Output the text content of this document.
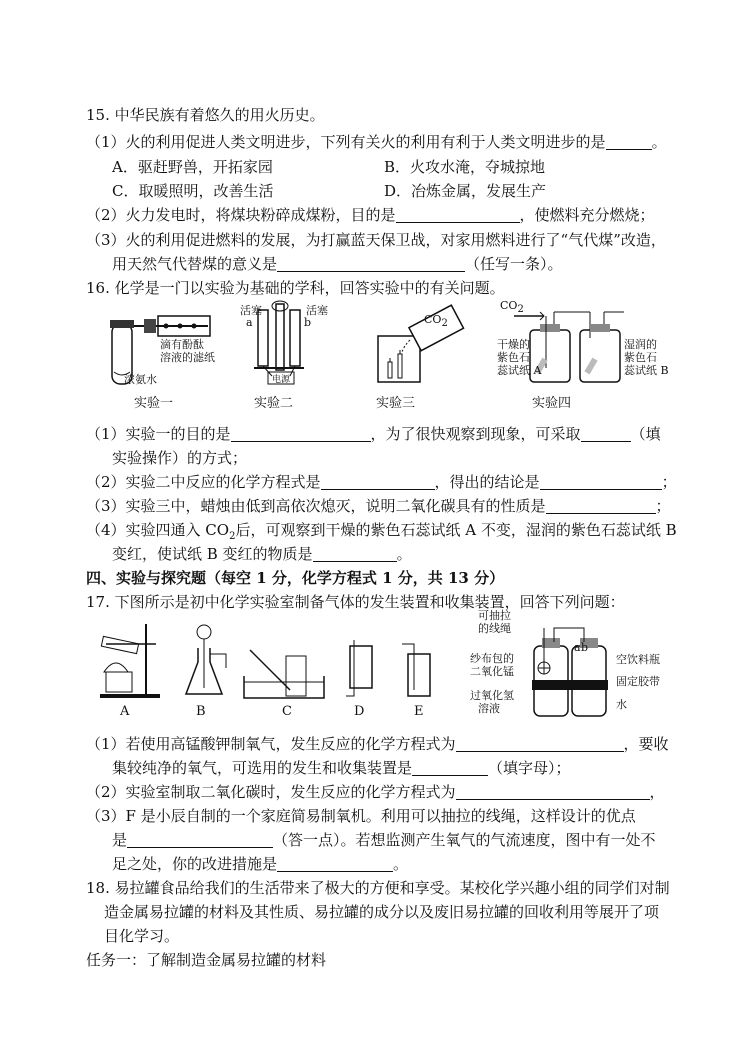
15. 中华民族有着悠久的用火历史。
（1）火的利用促进人类文明进步，下列有关火的利用有利于人类文明进步的是	。
A．驱赶野兽，开拓家园	B．火攻水淹，夺城掠地
C．取暖照明，改善生活	D．冶炼金属，发展生产
（2）火力发电时，将煤块粉碎成煤粉，目的是	，使燃料充分燃烧；
（3）火的利用促进燃料的发展，为打赢蓝天保卫战，对家用燃料进行了“气代煤”改造，
用天然气代替煤的意义是	（任写一条）。
16. 化学是一门以实验为基础的学科，回答实验中的有关问题。
滴有酚酞
溶液的滤纸
浓氨水
实验一
活塞
a
活塞
b
电源
实验二
$CO_2$
实验三
$CO_2$
干燥的
紫色石
蕊试纸 A
湿润的
紫色石
蕊试纸 B
实验四
（1）实验一的目的是	，为了很快观察到现象，可采取	（填
实验操作）的方式；
（2）实验二中反应的化学方程式是	，得出的结论是	；
（3）实验三中，蜡烛由低到高依次熄灭，说明二氧化碳具有的性质是	；
（4）实验四通入 $CO_2$后，可观察到干燥的紫色石蕊试纸 A 不变，湿润的紫色石蕊试纸 B
变红，使试纸 B 变红的物质是	。
四、实验与探究题（每空 1 分，化学方程式 1 分，共 13 分）
17. 下图所示是初中化学实验室制备气体的发生装置和收集装置，回答下列问题：
A	B	C	D	E
可抽拉
的线绳
a b
空饮料瓶
纱布包的
二氧化锰
固定胶带
过氧化氢
溶液	水
（1）若使用高锰酸钾制氧气，发生反应的化学方程式为	，要收
集较纯净的氧气，可选用的发生和收集装置是	（填字母）；
（2）实验室制取二氧化碳时，发生反应的化学方程式为	，
（3）F 是小辰自制的一个家庭简易制氧机。利用可以抽拉的线绳，这样设计的优点
是	（答一点）。若想监测产生氧气的气流速度，图中有一处不
足之处，你的改进措施是	。
18. 易拉罐食品给我们的生活带来了极大的方便和享受。某校化学兴趣小组的同学们对制
造金属易拉罐的材料及其性质、易拉罐的成分以及废旧易拉罐的回收利用等展开了项
目化学习。
任务一：了解制造金属易拉罐的材料
